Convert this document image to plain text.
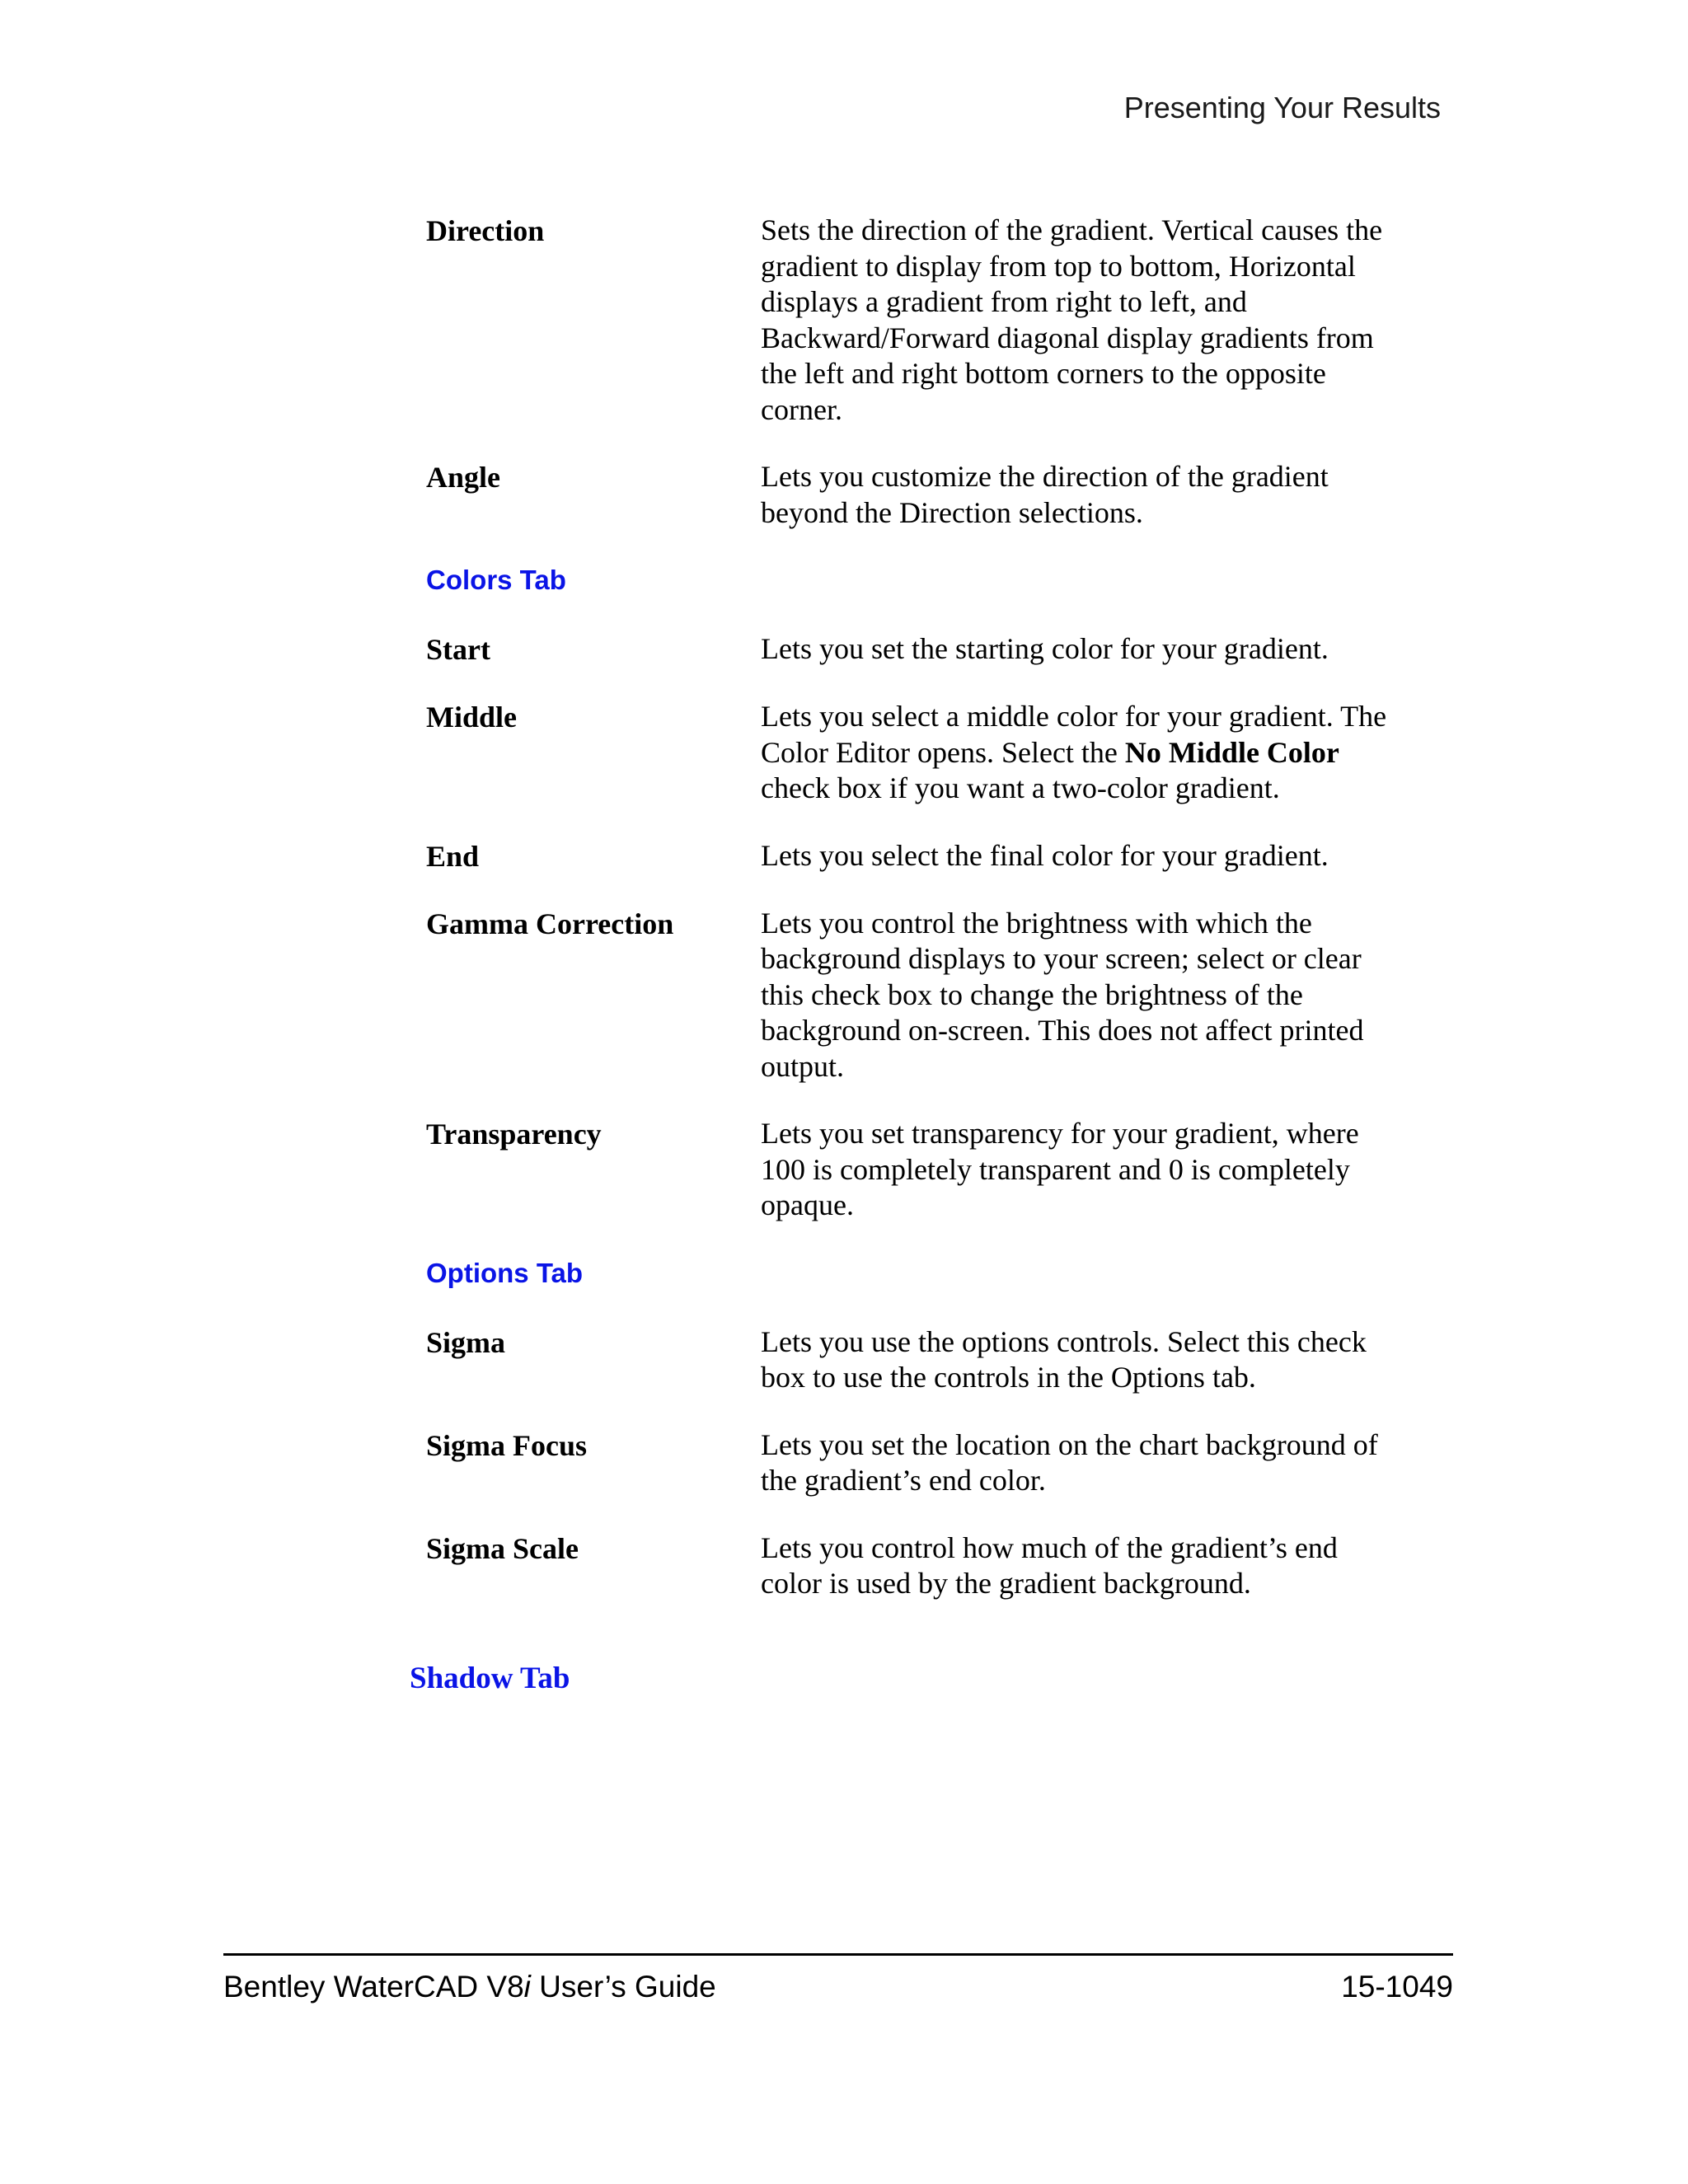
Presenting Your Results
Direction	Sets the direction of the gradient. Vertical causes the gradient to display from top to bottom, Horizontal displays a gradient from right to left, and Backward/Forward diagonal display gradients from the left and right bottom corners to the opposite corner.
Angle	Lets you customize the direction of the gradient beyond the Direction selections.
Colors Tab
Start	Lets you set the starting color for your gradient.
Middle	Lets you select a middle color for your gradient. The Color Editor opens. Select the No Middle Color check box if you want a two-color gradient.
End	Lets you select the final color for your gradient.
Gamma Correction	Lets you control the brightness with which the background displays to your screen; select or clear this check box to change the brightness of the background on-screen. This does not affect printed output.
Transparency	Lets you set transparency for your gradient, where 100 is completely transparent and 0 is completely opaque.
Options Tab
Sigma	Lets you use the options controls. Select this check box to use the controls in the Options tab.
Sigma Focus	Lets you set the location on the chart background of the gradient’s end color.
Sigma Scale	Lets you control how much of the gradient’s end color is used by the gradient background.
Shadow Tab
Bentley WaterCAD V8i User’s Guide	15-1049
